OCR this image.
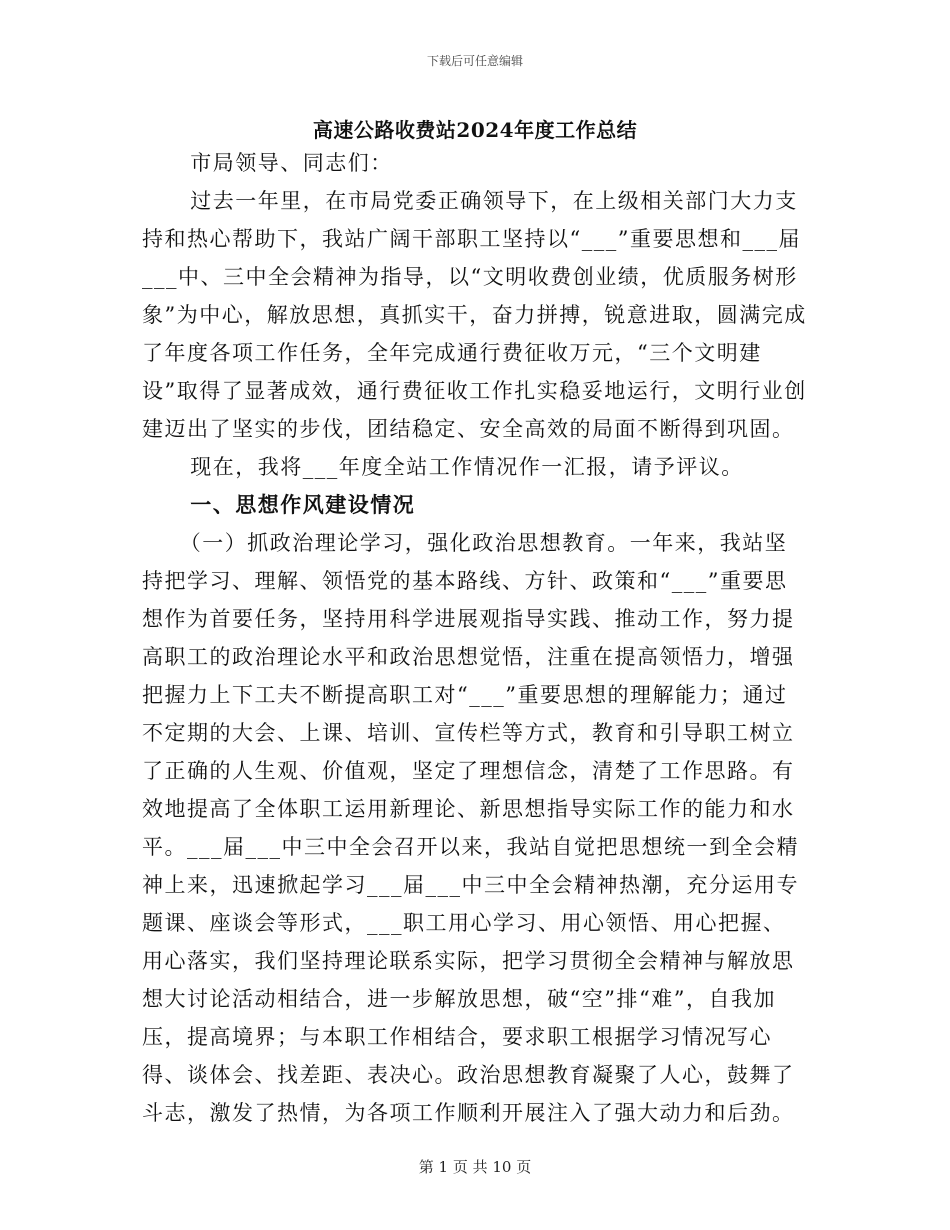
下载后可任意编辑
高速公路收费站2024年度工作总结

市局领导、同志们：

过去一年里，在市局党委正确领导下，在上级相关部门大力支持和热心帮助下，我站广阔干部职工坚持以“___”重要思想和___届___中、三中全会精神为指导，以“文明收费创业绩，优质服务树形象”为中心，解放思想，真抓实干，奋力拼搏，锐意进取，圆满完成了年度各项工作任务，全年完成通行费征收万元，“三个文明建设”取得了显著成效，通行费征收工作扎实稳妥地运行，文明行业创建迈出了坚实的步伐，团结稳定、安全高效的局面不断得到巩固。

现在，我将___年度全站工作情况作一汇报，请予评议。

一、思想作风建设情况

（一）抓政治理论学习，强化政治思想教育。一年来，我站坚持把学习、理解、领悟党的基本路线、方针、政策和“___”重要思想作为首要任务，坚持用科学进展观指导实践、推动工作，努力提高职工的政治理论水平和政治思想觉悟，注重在提高领悟力，增强把握力上下工夫不断提高职工对“___”重要思想的理解能力；通过不定期的大会、上课、培训、宣传栏等方式，教育和引导职工树立了正确的人生观、价值观，坚定了理想信念，清楚了工作思路。有效地提高了全体职工运用新理论、新思想指导实际工作的能力和水平。___届___中三中全会召开以来，我站自觉把思想统一到全会精神上来，迅速掀起学习___届___中三中全会精神热潮，充分运用专题课、座谈会等形式，___职工用心学习、用心领悟、用心把握、用心落实，我们坚持理论联系实际，把学习贯彻全会精神与解放思想大讨论活动相结合，进一步解放思想，破“空”排“难”，自我加压，提高境界；与本职工作相结合，要求职工根据学习情况写心得、谈体会、找差距、表决心。政治思想教育凝聚了人心，鼓舞了斗志，激发了热情，为各项工作顺利开展注入了强大动力和后劲。

第 1 页 共 10 页
